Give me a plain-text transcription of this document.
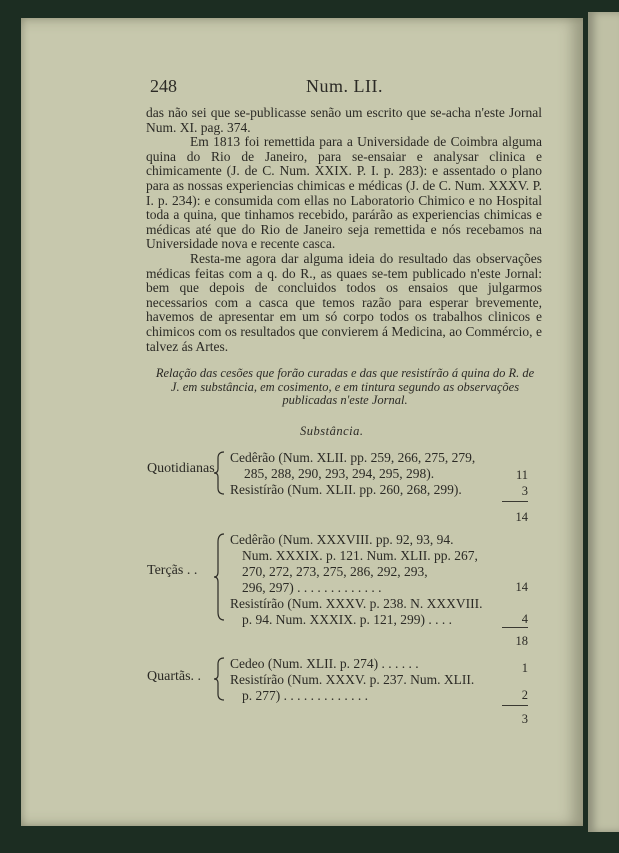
248	Num. LII.

das não sei que se-publicasse senão um escrito que se-acha n'este Jornal Num. XI. pag. 374.

Em 1813 foi remettida para a Universidade de Coimbra alguma quina do Rio de Janeiro, para se-ensaiar e analysar clinica e chimicamente (J. de C. Num. XXIX. P. I. p. 283): e assentado o plano para as nossas experiencias chimicas e médicas (J. de C. Num. XXXV. P. I. p. 234): e consumida com ellas no Laboratorio Chimico e no Hospital toda a quina, que tinhamos recebido, parárão as experiencias chimicas e médicas até que do Rio de Janeiro seja remettida e nós recebamos na Universidade nova e recente casca.

Resta-me agora dar alguma ideia do resultado das observações médicas feitas com a q. do R., as quaes se-tem publicado n'este Jornal: bem que depois de concluidos todos os ensaios que julgarmos necessarios com a casca que temos razão para esperar brevemente, havemos de apresentar em um só corpo todos os trabalhos clinicos e chimicos com os resultados que convierem á Medicina, ao Commércio, e talvez ás Artes.

Relação das cesões que forão curadas e das que resistírão á quina do R. de J. em substância, em cosimento, e em tintura segundo as observações publicadas n'este Jornal.
Substância.
Quotidianas
Cedêrão (Num. XLII. pp. 259, 266, 275, 279,
285, 288, 290, 293, 294, 295, 298).
Resistírão (Num. XLII. pp. 260, 268, 299).
11
3
14
Terçãs . .
Cedêrão (Num. XXXVIII. pp. 92, 93, 94.
Num. XXXIX. p. 121. Num. XLII. pp. 267,
270, 272, 273, 275, 286, 292, 293,
296, 297) . . . . . . . . . . . . .
Resistírão (Num. XXXV. p. 238. N. XXXVIII.
p. 94. Num. XXXIX. p. 121, 299) . . . .
14
4
18
Quartãs. .
Cedeo (Num. XLII. p. 274) . . . . . .
Resistírão (Num. XXXV. p. 237. Num. XLII.
p. 277) . . . . . . . . . . . . .
1
2
3
